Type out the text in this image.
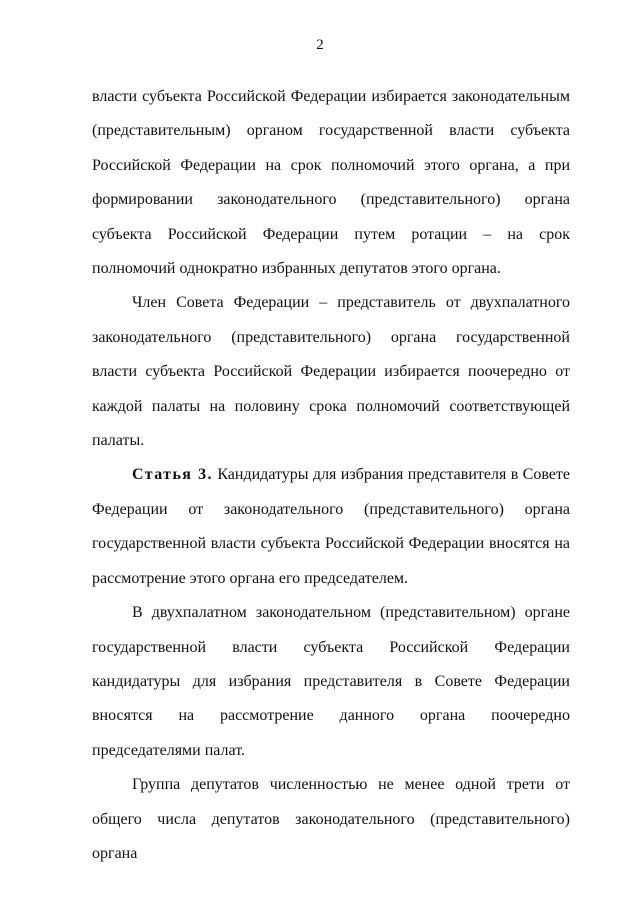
2

власти субъекта Российской Федерации избирается законодательным (представительным) органом государственной власти субъекта Российской Федерации на срок полномочий этого органа, а при формировании законодательного (представительного) органа субъекта Российской Федерации путем ротации – на срок полномочий однократно избранных депутатов этого органа.

Член Совета Федерации – представитель от двухпалатного законодательного (представительного) органа государственной власти субъекта Российской Федерации избирается поочередно от каждой палаты на половину срока полномочий соответствующей палаты.

Статья 3. Кандидатуры для избрания представителя в Совете Федерации от законодательного (представительного) органа государственной власти субъекта Российской Федерации вносятся на рассмотрение этого органа его председателем.

В двухпалатном законодательном (представительном) органе государственной власти субъекта Российской Федерации кандидатуры для избрания представителя в Совете Федерации вносятся на рассмотрение данного органа поочередно председателями палат.

Группа депутатов численностью не менее одной трети от общего числа депутатов законодательного (представительного) органа
